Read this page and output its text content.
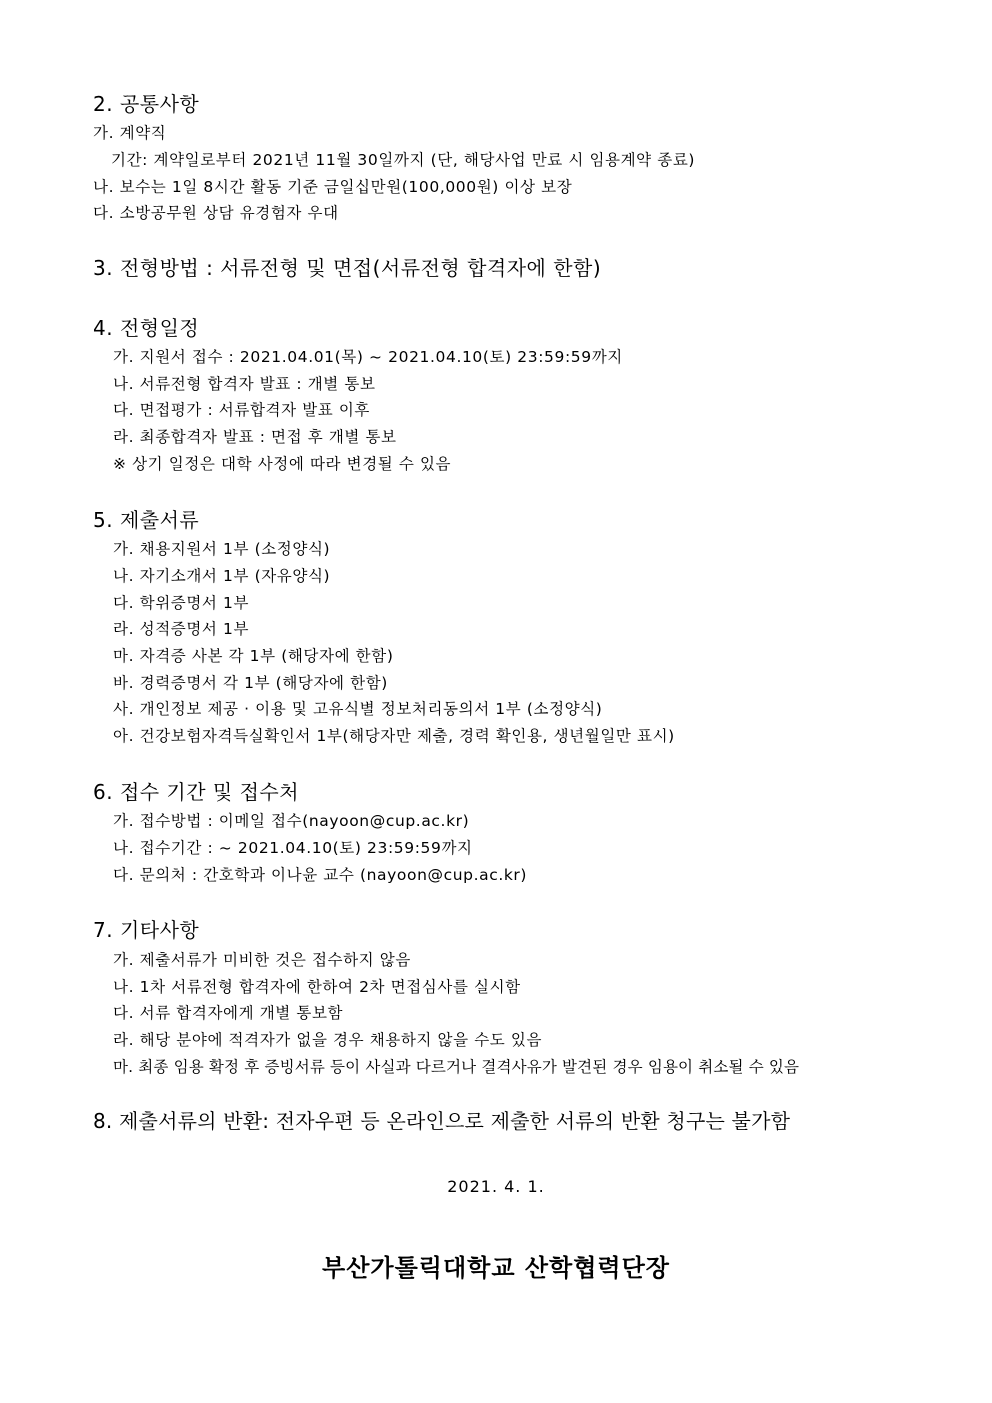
2. 공통사항
가. 계약직
기간: 계약일로부터 2021년 11월 30일까지 (단, 해당사업 만료 시 임용계약 종료)
나. 보수는 1일 8시간 활동 기준 금일십만원(100,000원) 이상 보장
다. 소방공무원 상담 유경험자 우대
3. 전형방법 : 서류전형 및 면접(서류전형 합격자에 한함)
4. 전형일정
가. 지원서 접수 : 2021.04.01(목) ~ 2021.04.10(토) 23:59:59까지
나. 서류전형 합격자 발표 : 개별 통보
다. 면접평가 : 서류합격자 발표 이후
라. 최종합격자 발표 : 면접 후 개별 통보
※ 상기 일정은 대학 사정에 따라 변경될 수 있음
5. 제출서류
가. 채용지원서 1부 (소정양식)
나. 자기소개서 1부 (자유양식)
다. 학위증명서 1부
라. 성적증명서 1부
마. 자격증 사본 각 1부 (해당자에 한함)
바. 경력증명서 각 1부 (해당자에 한함)
사. 개인정보 제공 · 이용 및 고유식별 정보처리동의서 1부 (소정양식)
아. 건강보험자격득실확인서 1부(해당자만 제출, 경력 확인용, 생년월일만 표시)
6. 접수 기간 및 접수처
가. 접수방법 : 이메일 접수(nayoon@cup.ac.kr)
나. 접수기간 : ~ 2021.04.10(토) 23:59:59까지
다. 문의처 : 간호학과 이나윤 교수 (nayoon@cup.ac.kr)
7. 기타사항
가. 제출서류가 미비한 것은 접수하지 않음
나. 1차 서류전형 합격자에 한하여 2차 면접심사를 실시함
다. 서류 합격자에게 개별 통보함
라. 해당 분야에 적격자가 없을 경우 채용하지 않을 수도 있음
마. 최종 임용 확정 후 증빙서류 등이 사실과 다르거나 결격사유가 발견된 경우 임용이 취소될 수 있음
8. 제출서류의 반환: 전자우편 등 온라인으로 제출한 서류의 반환 청구는 불가함
2021. 4. 1.
부산가톨릭대학교 산학협력단장
